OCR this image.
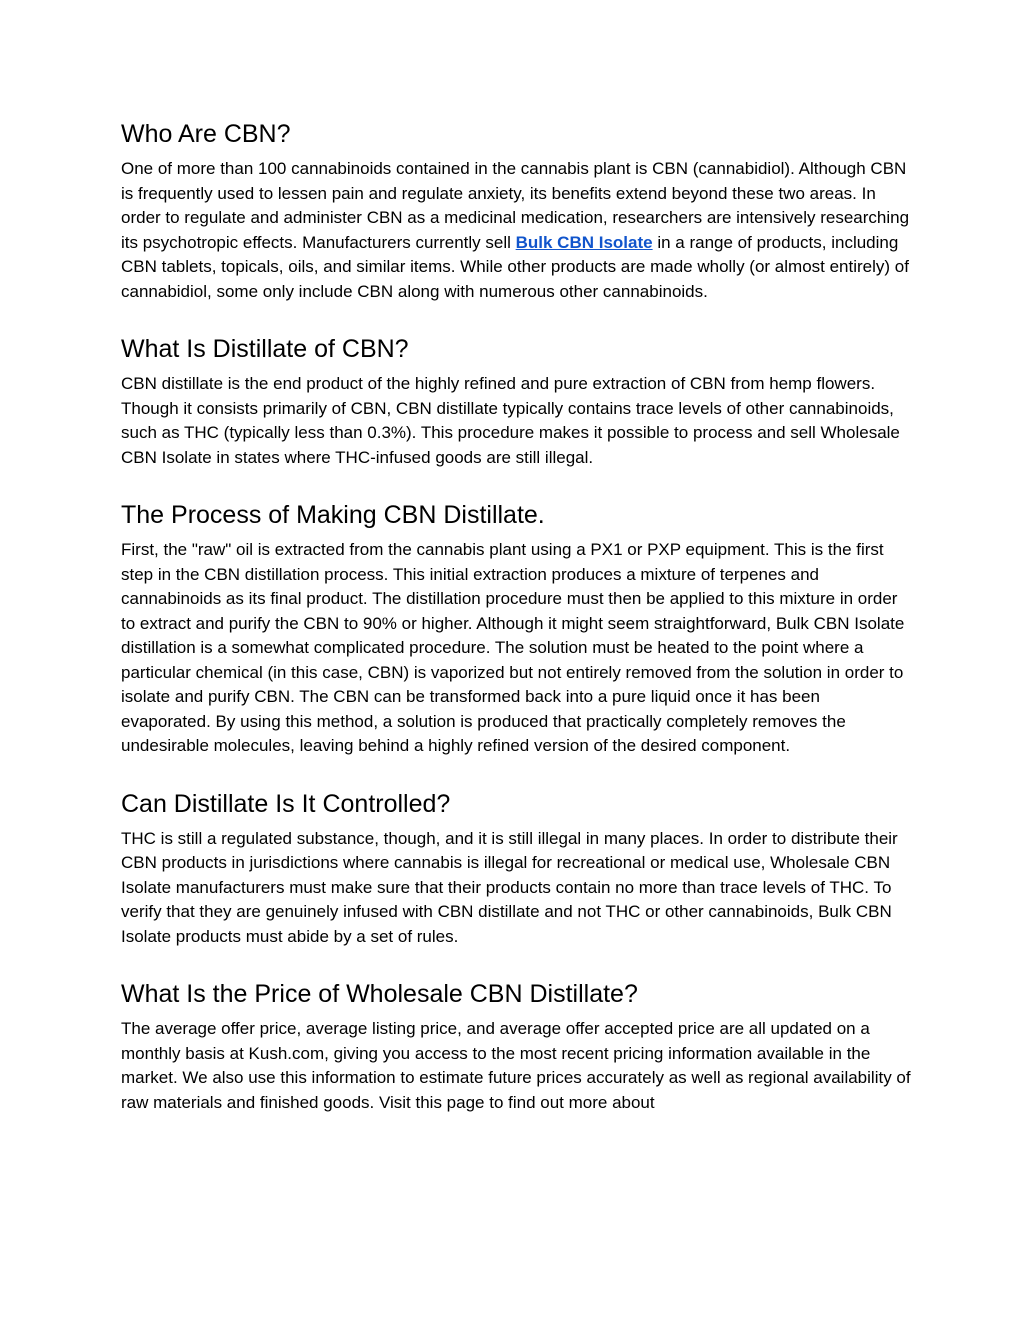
Who Are CBN?

One of more than 100 cannabinoids contained in the cannabis plant is CBN (cannabidiol). Although CBN is frequently used to lessen pain and regulate anxiety, its benefits extend beyond these two areas. In order to regulate and administer CBN as a medicinal medication, researchers are intensively researching its psychotropic effects. Manufacturers currently sell Bulk CBN Isolate in a range of products, including CBN tablets, topicals, oils, and similar items. While other products are made wholly (or almost entirely) of cannabidiol, some only include CBN along with numerous other cannabinoids.

What Is Distillate of CBN?

CBN distillate is the end product of the highly refined and pure extraction of CBN from hemp flowers. Though it consists primarily of CBN, CBN distillate typically contains trace levels of other cannabinoids, such as THC (typically less than 0.3%). This procedure makes it possible to process and sell Wholesale CBN Isolate in states where THC-infused goods are still illegal.

The Process of Making CBN Distillate.

First, the "raw" oil is extracted from the cannabis plant using a PX1 or PXP equipment. This is the first step in the CBN distillation process. This initial extraction produces a mixture of terpenes and cannabinoids as its final product. The distillation procedure must then be applied to this mixture in order to extract and purify the CBN to 90% or higher. Although it might seem straightforward, Bulk CBN Isolate distillation is a somewhat complicated procedure. The solution must be heated to the point where a particular chemical (in this case, CBN) is vaporized but not entirely removed from the solution in order to isolate and purify CBN. The CBN can be transformed back into a pure liquid once it has been evaporated. By using this method, a solution is produced that practically completely removes the undesirable molecules, leaving behind a highly refined version of the desired component.

Can Distillate Is It Controlled?

THC is still a regulated substance, though, and it is still illegal in many places. In order to distribute their CBN products in jurisdictions where cannabis is illegal for recreational or medical use, Wholesale CBN Isolate manufacturers must make sure that their products contain no more than trace levels of THC. To verify that they are genuinely infused with CBN distillate and not THC or other cannabinoids, Bulk CBN Isolate products must abide by a set of rules.

What Is the Price of Wholesale CBN Distillate?

The average offer price, average listing price, and average offer accepted price are all updated on a monthly basis at Kush.com, giving you access to the most recent pricing information available in the market. We also use this information to estimate future prices accurately as well as regional availability of raw materials and finished goods. Visit this page to find out more about
